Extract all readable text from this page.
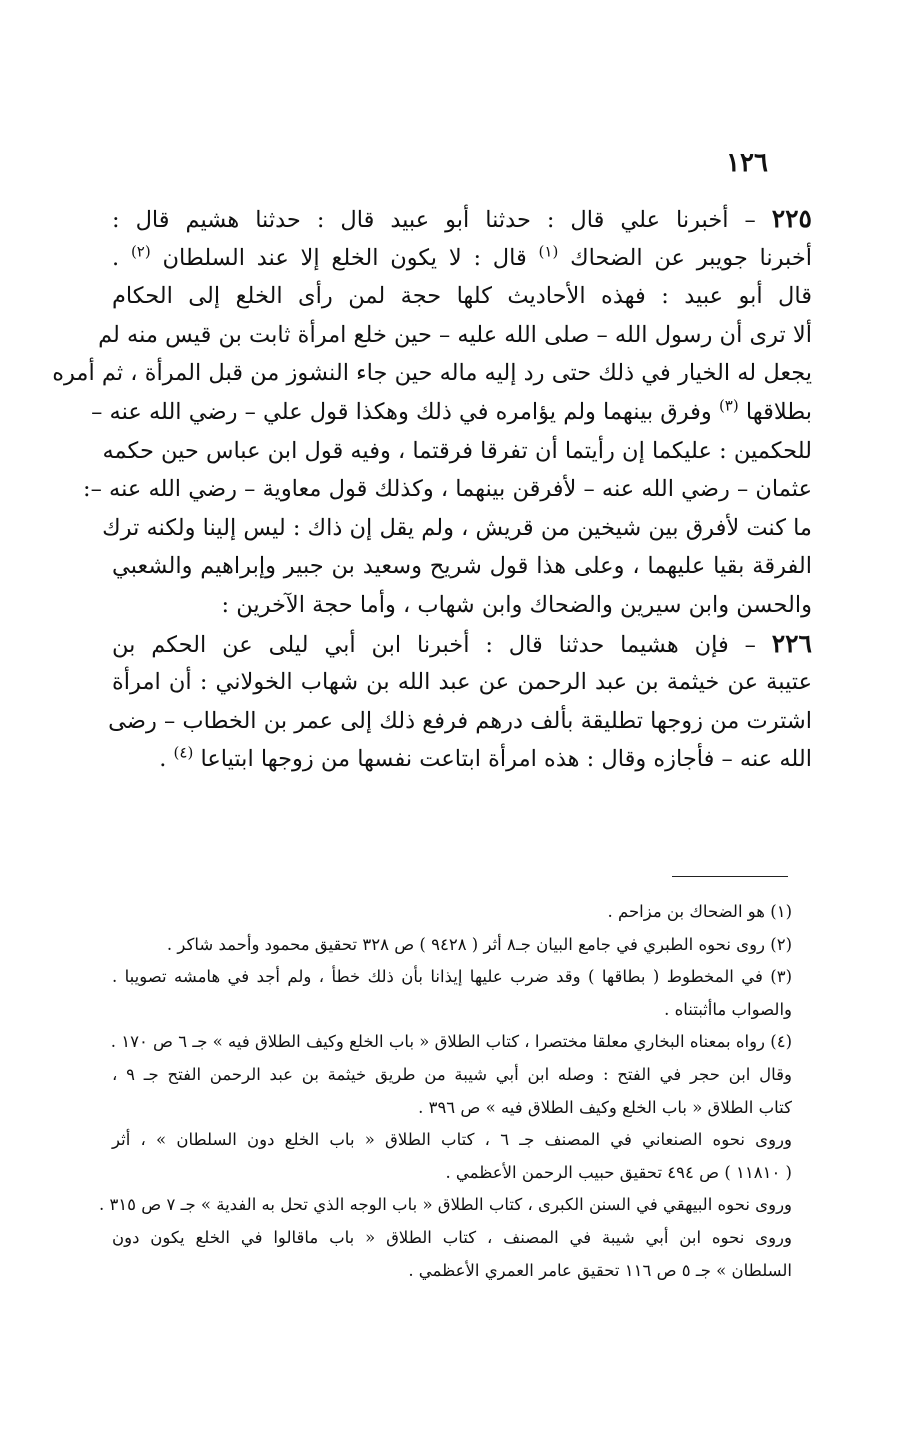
١٢٦
٢٢٥ – أخبرنا علي قال : حدثنا أبو عبيد قال : حدثنا هشيم قال :
أخبرنا جويبر عن الضحاك $^{(١)}$ قال : لا يكون الخلع إلا عند السلطان $^{(٢)}$ .
قال أبو عبيد : فهذه الأحاديث كلها حجة لمن رأى الخلع إلى الحكام
ألا ترى أن رسول الله – صلى الله عليه – حين خلع امرأة ثابت بن قيس منه لم
يجعل له الخيار في ذلك حتى رد إليه ماله حين جاء النشوز من قبل المرأة ، ثم أمره
بطلاقها $^{(٣)}$ وفرق بينهما ولم يؤامره في ذلك وهكذا قول علي – رضي الله عنه –
للحكمين : عليكما إن رأيتما أن تفرقا فرقتما ، وفيه قول ابن عباس حين حكمه
عثمان – رضي الله عنه – لأفرقن بينهما ، وكذلك قول معاوية – رضي الله عنه –:
ما كنت لأفرق بين شيخين من قريش ، ولم يقل إن ذاك : ليس إلينا ولكنه ترك
الفرقة بقيا عليهما ، وعلى هذا قول شريح وسعيد بن جبير وإبراهيم والشعبي
والحسن وابن سيرين والضحاك وابن شهاب ، وأما حجة الآخرين :
٢٢٦ – فإن هشيما حدثنا قال : أخبرنا ابن أبي ليلى عن الحكم بن
عتيبة عن خيثمة بن عبد الرحمن عن عبد الله بن شهاب الخولاني : أن امرأة
اشترت من زوجها تطليقة بألف درهم فرفع ذلك إلى عمر بن الخطاب – رضى
الله عنه – فأجازه وقال : هذه امرأة ابتاعت نفسها من زوجها ابتياعا $^{(٤)}$ .
(١) هو الضحاك بن مزاحم .
(٢) روى نحوه الطبري في جامع البيان جـ٨ أثر ( ٩٤٢٨ ) ص ٣٢٨ تحقيق محمود وأحمد شاكر .
(٣) في المخطوط ( بطاقها ) وقد ضرب عليها إيذانا بأن ذلك خطأ ، ولم أجد في هامشه تصويبا .
والصواب ماأثبتناه .
(٤) رواه بمعناه البخاري معلقا مختصرا ، كتاب الطلاق « باب الخلع وكيف الطلاق فيه » جـ ٦ ص ١٧٠ .
وقال ابن حجر في الفتح : وصله ابن أبي شيبة من طريق خيثمة بن عبد الرحمن الفتح جـ ٩ ،
كتاب الطلاق « باب الخلع وكيف الطلاق فيه » ص ٣٩٦ .
وروى نحوه الصنعاني في المصنف جـ ٦ ، كتاب الطلاق « باب الخلع دون السلطان » ، أثر
( ١١٨١٠ ) ص ٤٩٤ تحقيق حبيب الرحمن الأعظمي .
وروى نحوه البيهقي في السنن الكبرى ، كتاب الطلاق « باب الوجه الذي تحل به الفدية » جـ ٧ ص ٣١٥ .
وروى نحوه ابن أبي شيبة في المصنف ، كتاب الطلاق « باب ماقالوا في الخلع يكون دون
السلطان » جـ ٥ ص ١١٦ تحقيق عامر العمري الأعظمي .
